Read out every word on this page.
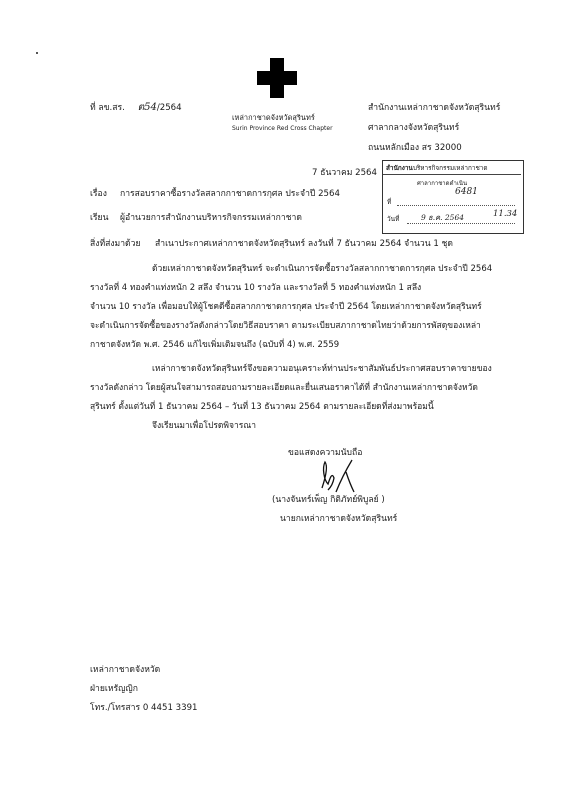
ที่ ลข.สร. ต54/2564
เหล่ากาชาดจังหวัดสุรินทร์
Surin Province Red Cross Chapter
สำนักงานเหล่ากาชาดจังหวัดสุรินทร์
ศาลากลางจังหวัดสุรินทร์
ถนนหลักเมือง สร 32000
7 ธันวาคม 2564	สำนักงานบริหารกิจกรรมเหล่ากาชาด
ศาลากาชาดดำเนิน
6481
ที่
วันที่	9 ธ.ค. 2564	11.34
เรื่อง การสอบราคาซื้อรางวัลสลากกาชาดการกุศล ประจำปี 2564
เรียน ผู้อำนวยการสำนักงานบริหารกิจกรรมเหล่ากาชาด
สิ่งที่ส่งมาด้วย สำเนาประกาศเหล่ากาชาดจังหวัดสุรินทร์ ลงวันที่ 7 ธันวาคม 2564 จำนวน 1 ชุด
ด้วยเหล่ากาชาดจังหวัดสุรินทร์ จะดำเนินการจัดซื้อรางวัลสลากกาชาดการกุศล ประจำปี 2564
รางวัลที่ 4 ทองคำแท่งหนัก 2 สลึง จำนวน 10 รางวัล และรางวัลที่ 5 ทองคำแท่งหนัก 1 สลึง
จำนวน 10 รางวัล เพื่อมอบให้ผู้โชคดีซื้อสลากกาชาดการกุศล ประจำปี 2564 โดยเหล่ากาชาดจังหวัดสุรินทร์
จะดำเนินการจัดซื้อของรางวัลดังกล่าวโดยวิธีสอบราคา ตามระเบียบสภากาชาดไทยว่าด้วยการพัสดุของเหล่า
กาชาดจังหวัด พ.ศ. 2546 แก้ไขเพิ่มเติมจนถึง (ฉบับที่ 4) พ.ศ. 2559
เหล่ากาชาดจังหวัดสุรินทร์จึงขอความอนุเคราะห์ท่านประชาสัมพันธ์ประกาศสอบราคาขายของ
รางวัลดังกล่าว โดยผู้สนใจสามารถสอบถามรายละเอียดและยื่นเสนอราคาได้ที่ สำนักงานเหล่ากาชาดจังหวัด
สุรินทร์ ตั้งแต่วันที่ 1 ธันวาคม 2564 – วันที่ 13 ธันวาคม 2564 ตามรายละเอียดที่ส่งมาพร้อมนี้
จึงเรียนมาเพื่อโปรดพิจารณา
ขอแสดงความนับถือ
(นางจันทร์เพ็ญ กิติภัทย์พิบูลย์ )
นายกเหล่ากาชาดจังหวัดสุรินทร์
เหล่ากาชาดจังหวัด
ฝ่ายเหรัญญิก
โทร./โทรสาร 0 4451 3391
